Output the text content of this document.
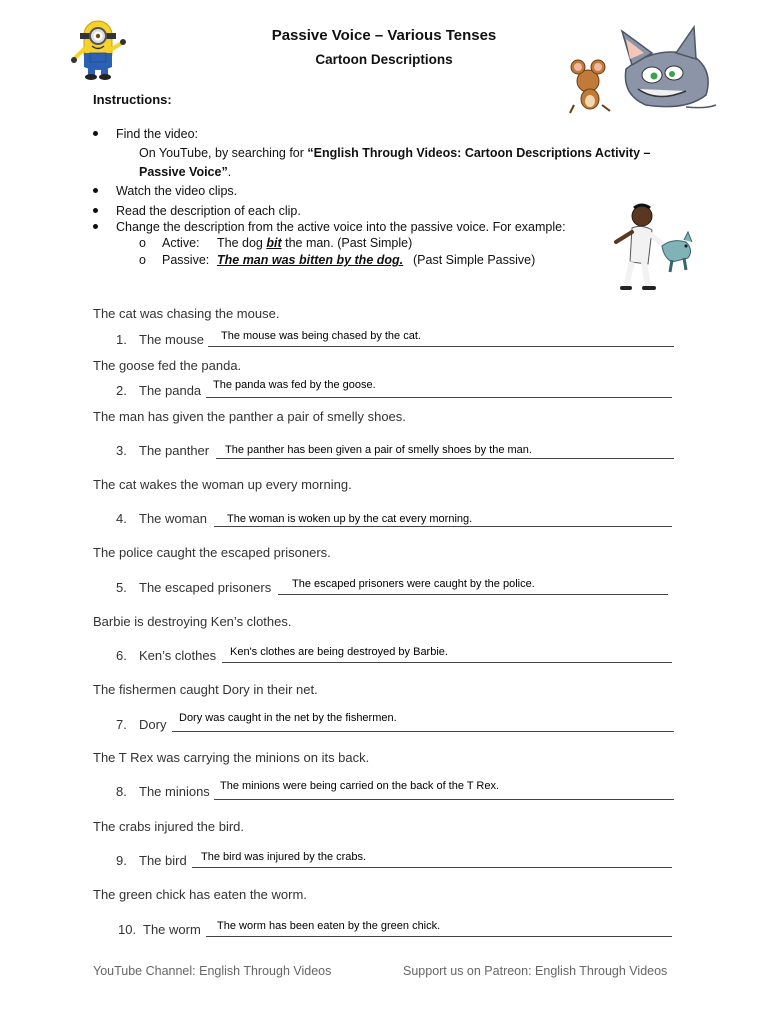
Passive Voice – Various Tenses
Cartoon Descriptions
Instructions:
Find the video:
On YouTube, by searching for “English Through Videos: Cartoon Descriptions Activity –
Passive Voice”.
Watch the video clips.
Read the description of each clip.
Change the description from the active voice into the passive voice. For example:
o Active: The dog bit the man. (Past Simple)
o Passive: The man was bitten by the dog. (Past Simple Passive)
The cat was chasing the mouse.
1. The mouse The mouse was being chased by the cat.
The goose fed the panda.
2. The panda The panda was fed by the goose.
The man has given the panther a pair of smelly shoes.
3. The panther The panther has been given a pair of smelly shoes by the man.
The cat wakes the woman up every morning.
4. The woman The woman is woken up by the cat every morning.
The police caught the escaped prisoners.
5. The escaped prisoners The escaped prisoners were caught by the police.
Barbie is destroying Ken’s clothes.
6. Ken’s clothes Ken's clothes are being destroyed by Barbie.
The fishermen caught Dory in their net.
7. Dory Dory was caught in the net by the fishermen.
The T Rex was carrying the minions on its back.
8. The minions The minions were being carried on the back of the T Rex.
The crabs injured the bird.
9. The bird The bird was injured by the crabs.
The green chick has eaten the worm.
10. The worm The worm has been eaten by the green chick.
YouTube Channel: English Through Videos	Support us on Patreon: English Through Videos
